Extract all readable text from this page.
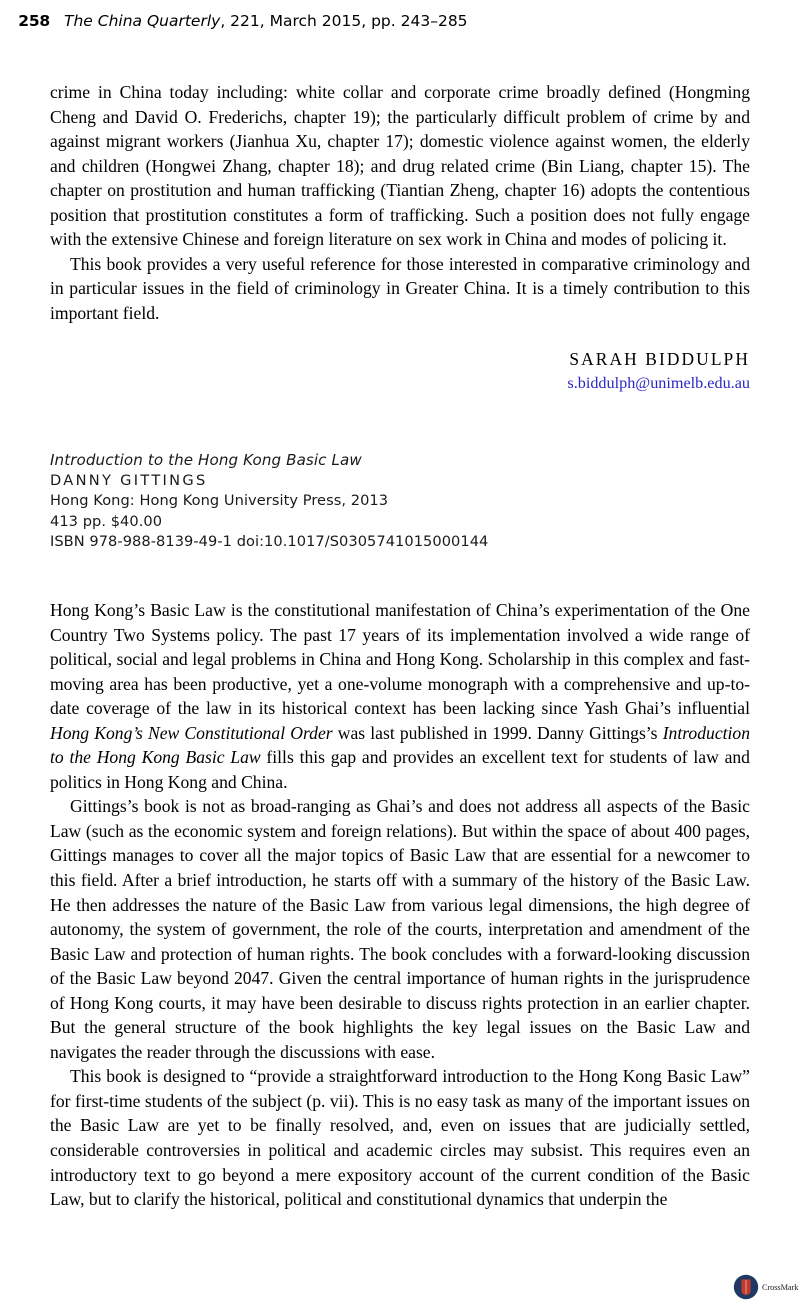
258 The China Quarterly, 221, March 2015, pp. 243–285

crime in China today including: white collar and corporate crime broadly defined (Hongming Cheng and David O. Frederichs, chapter 19); the particularly difficult problem of crime by and against migrant workers (Jianhua Xu, chapter 17); domestic violence against women, the elderly and children (Hongwei Zhang, chapter 18); and drug related crime (Bin Liang, chapter 15). The chapter on prostitution and human trafficking (Tiantian Zheng, chapter 16) adopts the contentious position that prostitution constitutes a form of trafficking. Such a position does not fully engage with the extensive Chinese and foreign literature on sex work in China and modes of policing it.

This book provides a very useful reference for those interested in comparative criminology and in particular issues in the field of criminology in Greater China. It is a timely contribution to this important field.

SARAH BIDDULPH
s.biddulph@unimelb.edu.au
Introduction to the Hong Kong Basic Law
DANNY GITTINGS
Hong Kong: Hong Kong University Press, 2013
413 pp. $40.00
ISBN 978-988-8139-49-1 doi:10.1017/S0305741015000144

Hong Kong’s Basic Law is the constitutional manifestation of China’s experimentation of the One Country Two Systems policy. The past 17 years of its implementation involved a wide range of political, social and legal problems in China and Hong Kong. Scholarship in this complex and fast-moving area has been productive, yet a one-volume monograph with a comprehensive and up-to-date coverage of the law in its historical context has been lacking since Yash Ghai’s influential Hong Kong’s New Constitutional Order was last published in 1999. Danny Gittings’s Introduction to the Hong Kong Basic Law fills this gap and provides an excellent text for students of law and politics in Hong Kong and China.

Gittings’s book is not as broad-ranging as Ghai’s and does not address all aspects of the Basic Law (such as the economic system and foreign relations). But within the space of about 400 pages, Gittings manages to cover all the major topics of Basic Law that are essential for a newcomer to this field. After a brief introduction, he starts off with a summary of the history of the Basic Law. He then addresses the nature of the Basic Law from various legal dimensions, the high degree of autonomy, the system of government, the role of the courts, interpretation and amendment of the Basic Law and protection of human rights. The book concludes with a forward-looking discussion of the Basic Law beyond 2047. Given the central importance of human rights in the jurisprudence of Hong Kong courts, it may have been desirable to discuss rights protection in an earlier chapter. But the general structure of the book highlights the key legal issues on the Basic Law and navigates the reader through the discussions with ease.

This book is designed to “provide a straightforward introduction to the Hong Kong Basic Law” for first-time students of the subject (p. vii). This is no easy task as many of the important issues on the Basic Law are yet to be finally resolved, and, even on issues that are judicially settled, considerable controversies in political and academic circles may subsist. This requires even an introductory text to go beyond a mere expository account of the current condition of the Basic Law, but to clarify the historical, political and constitutional dynamics that underpin the

CrossMark
